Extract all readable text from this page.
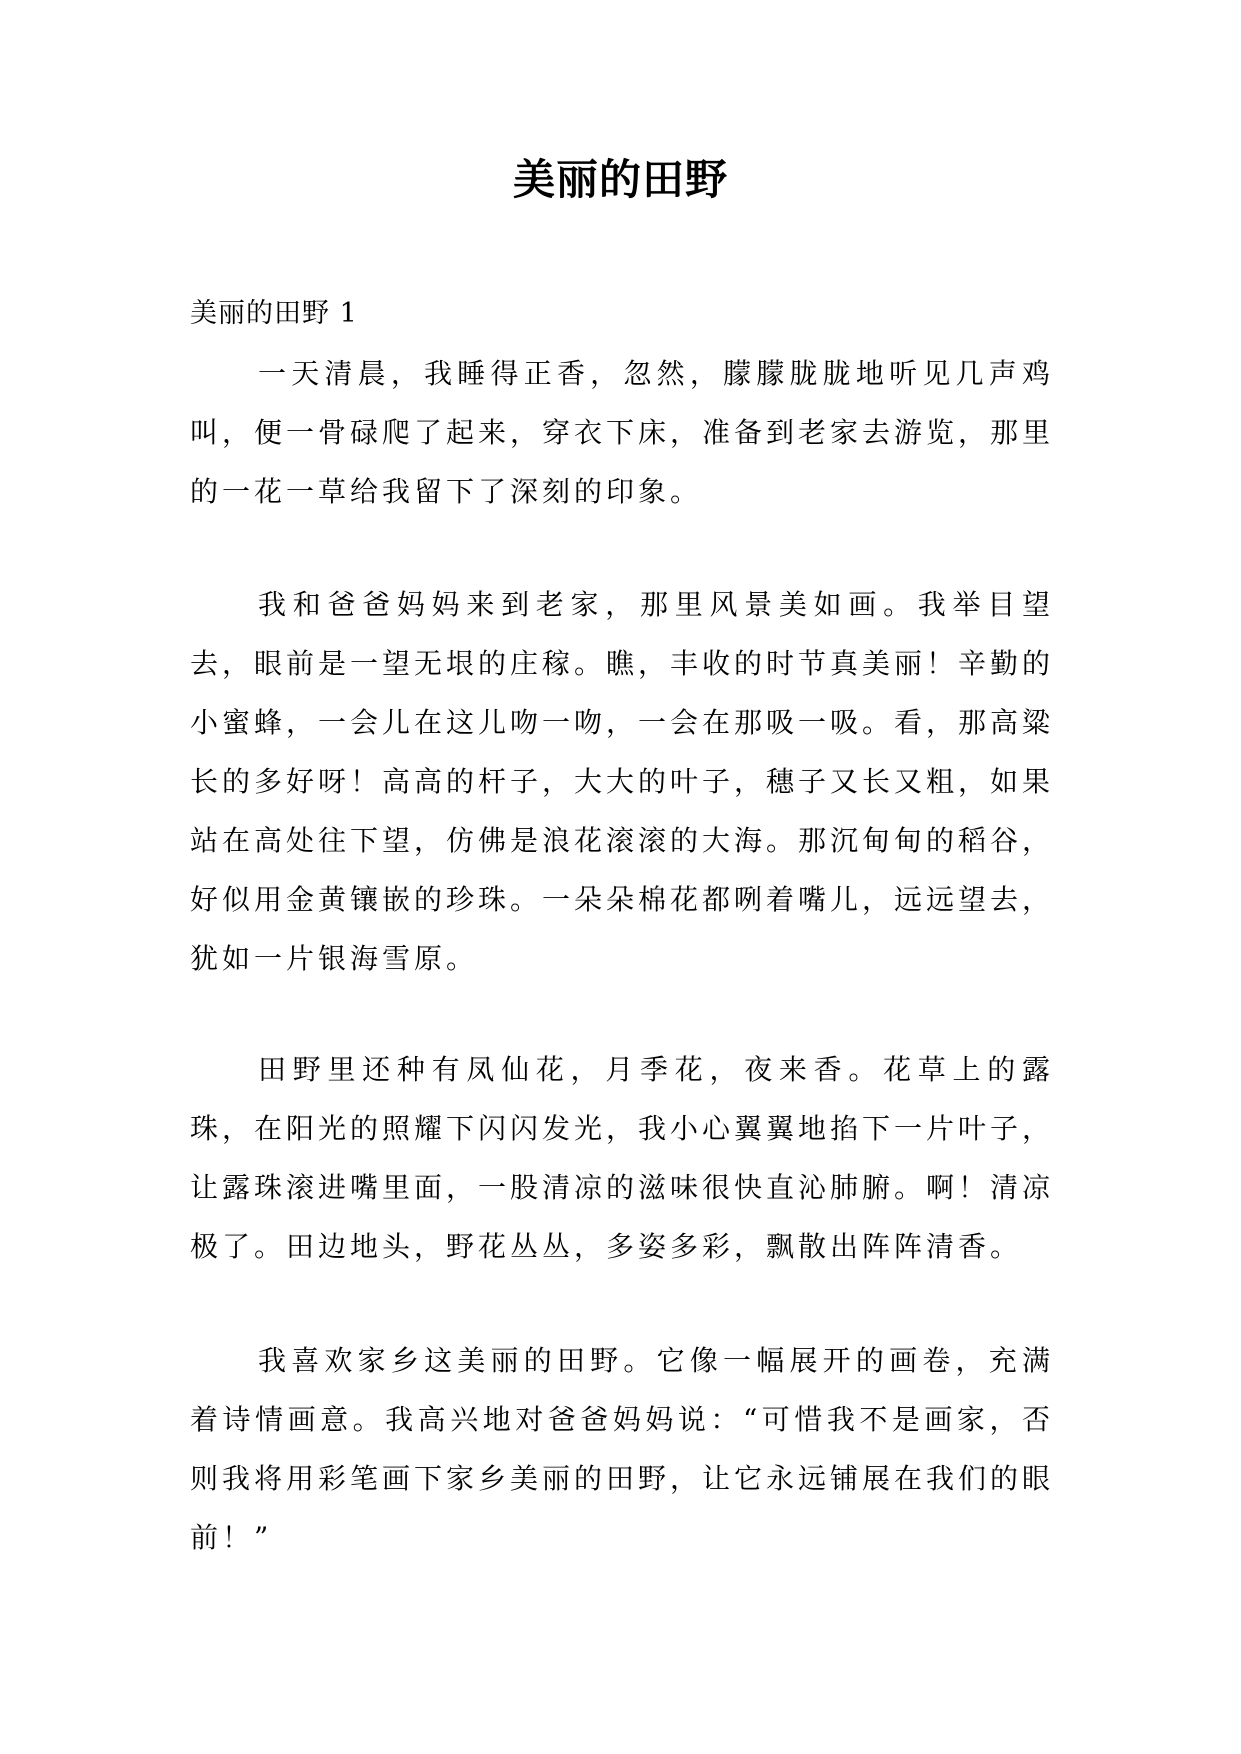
美丽的田野
美丽的田野 1

一天清晨，我睡得正香，忽然，朦朦胧胧地听见几声鸡叫，便一骨碌爬了起来，穿衣下床，准备到老家去游览，那里的一花一草给我留下了深刻的印象。

我和爸爸妈妈来到老家，那里风景美如画。我举目望去，眼前是一望无垠的庄稼。瞧，丰收的时节真美丽！辛勤的小蜜蜂，一会儿在这儿吻一吻，一会在那吸一吸。看，那高粱长的多好呀！高高的杆子，大大的叶子，穗子又长又粗，如果站在高处往下望，仿佛是浪花滚滚的大海。那沉甸甸的稻谷，好似用金黄镶嵌的珍珠。一朵朵棉花都咧着嘴儿，远远望去，犹如一片银海雪原。

田野里还种有凤仙花，月季花，夜来香。花草上的露珠，在阳光的照耀下闪闪发光，我小心翼翼地掐下一片叶子，让露珠滚进嘴里面，一股清凉的滋味很快直沁肺腑。啊！清凉极了。田边地头，野花丛丛，多姿多彩，飘散出阵阵清香。

我喜欢家乡这美丽的田野。它像一幅展开的画卷，充满着诗情画意。我高兴地对爸爸妈妈说：“可惜我不是画家，否则我将用彩笔画下家乡美丽的田野，让它永远铺展在我们的眼前！”
